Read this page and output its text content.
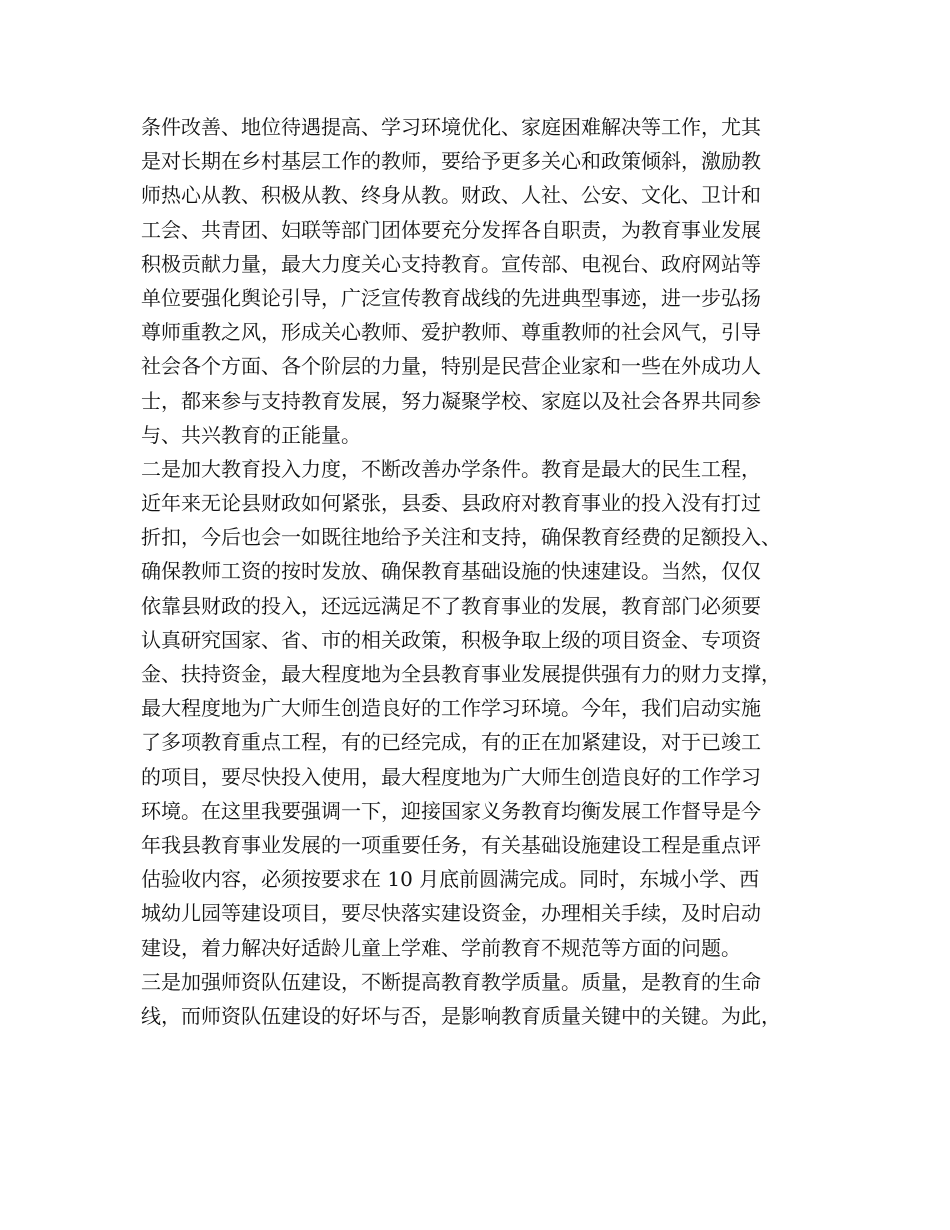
条件改善、地位待遇提高、学习环境优化、家庭困难解决等工作，尤其
是对长期在乡村基层工作的教师，要给予更多关心和政策倾斜，激励教
师热心从教、积极从教、终身从教。财政、人社、公安、文化、卫计和
工会、共青团、妇联等部门团体要充分发挥各自职责，为教育事业发展
积极贡献力量，最大力度关心支持教育。宣传部、电视台、政府网站等
单位要强化舆论引导，广泛宣传教育战线的先进典型事迹，进一步弘扬
尊师重教之风，形成关心教师、爱护教师、尊重教师的社会风气，引导
社会各个方面、各个阶层的力量，特别是民营企业家和一些在外成功人
士，都来参与支持教育发展，努力凝聚学校、家庭以及社会各界共同参
与、共兴教育的正能量。
二是加大教育投入力度，不断改善办学条件。教育是最大的民生工程，
近年来无论县财政如何紧张，县委、县政府对教育事业的投入没有打过
折扣，今后也会一如既往地给予关注和支持，确保教育经费的足额投入、
确保教师工资的按时发放、确保教育基础设施的快速建设。当然，仅仅
依靠县财政的投入，还远远满足不了教育事业的发展，教育部门必须要
认真研究国家、省、市的相关政策，积极争取上级的项目资金、专项资
金、扶持资金，最大程度地为全县教育事业发展提供强有力的财力支撑，
最大程度地为广大师生创造良好的工作学习环境。今年，我们启动实施
了多项教育重点工程，有的已经完成，有的正在加紧建设，对于已竣工
的项目，要尽快投入使用，最大程度地为广大师生创造良好的工作学习
环境。在这里我要强调一下，迎接国家义务教育均衡发展工作督导是今
年我县教育事业发展的一项重要任务，有关基础设施建设工程是重点评
估验收内容，必须按要求在 10 月底前圆满完成。同时，东城小学、西
城幼儿园等建设项目，要尽快落实建设资金，办理相关手续，及时启动
建设，着力解决好适龄儿童上学难、学前教育不规范等方面的问题。
三是加强师资队伍建设，不断提高教育教学质量。质量，是教育的生命
线，而师资队伍建设的好坏与否，是影响教育质量关键中的关键。为此，
